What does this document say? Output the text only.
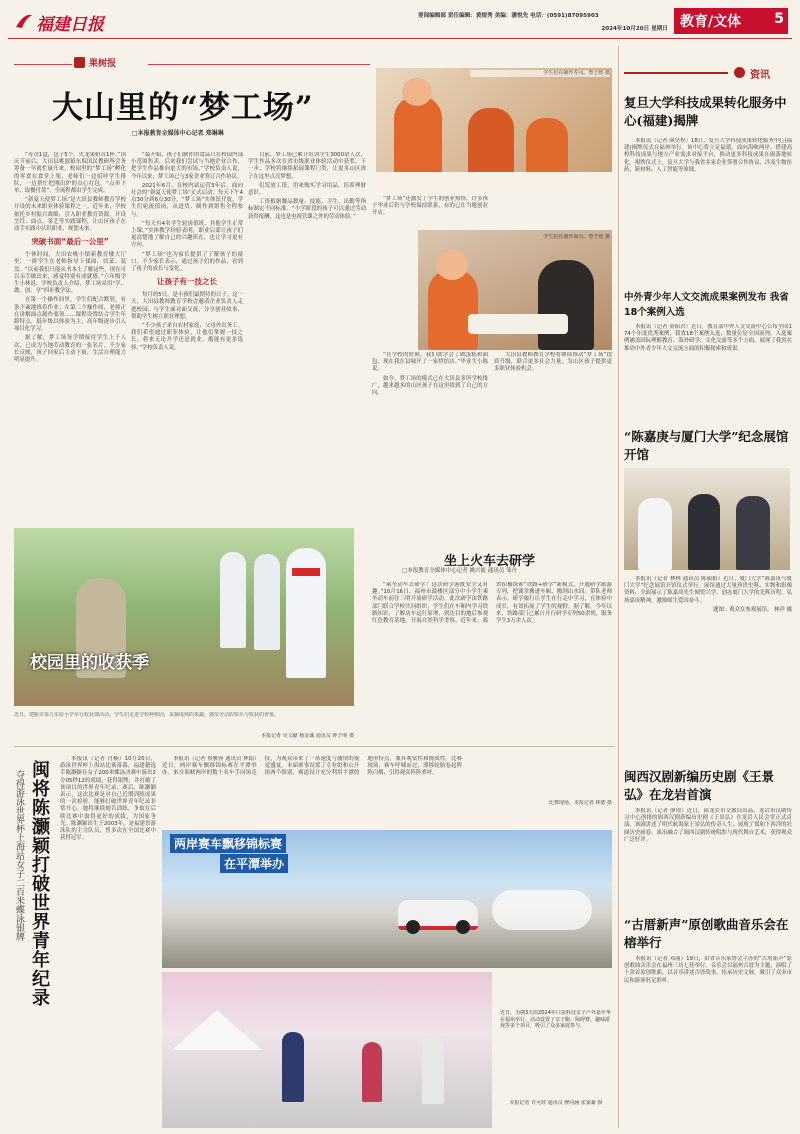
福建日报	要闻编辑部 责任编辑：黄煜秀 美编：潘悦先 电话：(0591)87095903
2024年10月20日 星期日 教育/文体 5
果树报
大山里的“梦工场”
□本报教育全媒体中心记者 郑琳琳

“寿司1盒，包子5个，火龙果奶昔1杯。”国庆节前后，大田县桃源镇东坂国民教研所会务筹备一早就忙碌开来，校园里的“梦工场”孵化的零食在食堂上架，老师们一边招呼学生排队，一边帮忙把刚出炉的点心打包。“点单下单、取餐付款”，全流程都由学生完成。

“新夏天使梦工场”是大田县教师教育学校开设的未来职业体验课程之一。近年来，学校依托乡村振兴战略，引入职业教育资源，开设烹饪、面点、茶艺等实践课程，让山区孩子在动手实践中认识职业、规划未来。

突破书面“最后一公里”

午休时间，大田农桃小镇新教育楼大厅里，一群学生在老师指导下揉面、切菜、装盘。“以前我们只能从书本上了解这些，现在可以亲手做出来，感觉特别有成就感。”六年级学生小林说。学校负责人介绍，梦工场采用“学、做、创、享”四步教学法。

在第一个操作间里，学生们配合默契，有条不紊地推着作业；在第二个操作间，老师正在讲解面点制作要领……课程设置结合学生年龄特点，低年级以体验为主，高年级逐步引入项目化学习。

据了解，梦工场每学期接待学生上千人次，已成为当地劳动教育的一张名片。不少家长反映，孩子回家后主动下厨，生活自理能力明显提升。

“最开始，孩子们制作的食品只在校园内部小范围售卖，后来我们尝试与当地企业合作，把学生作品推向更大的市场。”学校负责人说，今年以来，梦工场已与3家企业签订合作协议。

2021年6月，在校内试运营3年后，面向社会的“新夏天使梦工场”正式启动。每天下午4点30分到6点30分，“梦工场”实体馆开放，学生们轮流值岗，从进货、制作到销售全程参与。

“每天有4名学生轮岗值班，其他学生正常上课。”实体教学经验表明，职业启蒙让孩子们更清楚地了解自己的兴趣所在，也让学习更有方向。

“梦工场”也为家长提供了了解孩子的窗口。不少家长表示，通过孩子们的作品，看到了孩子的成长与变化。

让孩子有一技之长

每月的5日，是小孩们最期待的日子。这一天，大田县教师教育学校会邀请企业负责人走进校园，与学生面对面交流，分享创业故事，帮助学生树立职业理想。

“不少孩子来自农村家庭，父母外出务工。我们希望通过职业体验，让他们掌握一技之长，将来无论升学还是就业，都能有更多选择。”学校负责人说。

目前，梦工场已累计培训学生3000余人次，学生作品多次在省市级职业体验活动中获奖。下一步，学校将继续拓展课程门类，让更多山区孩子在这里点亮梦想。

们发放工资，用来购买学习用品，培养理财意识。

工资根据餐品数量、技能、卫生、出勤等指标制定不同标准。“小学阶段的孩子可以通过劳动获得报酬，这也是电视管课之外的劳动体验。”

学生们在制作寿司。曾子欣 摄
学生们在制作面点。曾子欣 摄

“梦工场”还激发了学生的创业热情，许多孩子毕业后仍与学校保持联系，有的已在当地创业开店。

“在学校的时候，我们就学会了做蛋糕和面包，现在我在县城开了一家烘焙店。”毕业生小陈说。

如今，梦工场的模式已在大田县多所学校推广，越来越多的山区孩子在这里找到了自己的方向。

大田县教师教育学校将继续推动“梦工场”提质升级，联合更多社会力量，为山区孩子提供更多职业体验机会。

校园里的收获季
近日，建瓯市第五实验小学举行收获课活动。学生们走进学校种植园，采摘成熟的果蔬，感受劳动的快乐与收获的喜悦。
本报记者 吴文献 杨金诚 通讯员 钟子明 摄
坐上火车去研学
□本报教育全媒体中心记者 姚兴能 通讯员 邹丹

“乘坐动车去研学！这次研学游既安全又有趣。”10月16日，福州市鼓楼区部分中小学生乘坐动车前往三明开展研学活动。此次研学由铁路部门联合学校共同组织，学生们在车厢内学习铁路知识，了解动车运行原理，到达目的地后参观红色教育基地、开展自然科学考察。近年来，我省积极探索“铁路+研学”新模式，开通研学旅游专列，把课堂搬进车厢、搬到山水间。带队老师表示，研学旅行让学生在行走中学习，在体验中成长，有效拓展了学生的视野。据了解，今年以来，铁路部门已累计开行研学专列50余列，服务学生3万余人次。

闽将陈灏颖打破世界青年纪录
夺得游泳世界杯上海站女子二百米蝶泳银牌

本报讯（记者 肖楠）10月20日，游泳世界杯上海站比赛落幕，福建籍选手陈灏颖在女子200米蝶泳决赛中游出2分05秒12的成绩，获得银牌，并打破了该项目的世界青年纪录。赛后，陈灏颖表示，这次比赛是对自己近期训练成果的一次检验，能够打破世界青年纪录非常开心。她将继续刻苦训练，争取在后续比赛中取得更好的成绩，为国家争光。陈灏颖出生于2003年，是福建省游泳队的主力队员，曾多次在全国比赛中获得冠军。

本报讯（记者 蔡雅蓉 通讯员 林娟）近日，两岸赛车飘移锦标赛在平潭举办。来自海峡两岸的数十名车手同场竞技，为观众带来了一场速度与激情的视觉盛宴。本届赛事设置了专业组和公开组两个组别，赛道设计充分利用平潭的地形特点，兼具观赏性和挑战性。比赛现场，赛车呼啸而过，漂移轮胎卷起阵阵白烟，引得观众阵阵欢呼。

比赛现场。本报记者 林德 摄
两岸赛车飘移锦标赛
在平潭举办
近日，为期3天的2024年口袋科技亲子户外嘉年华在福州举行。活动设置了亲子跑、障碍赛、趣味游戏等多个项目，吸引了众多家庭参与。
本报记者 许可欣 通讯员 廖向涵 张家豪 摄
资讯
复旦大学科技成果转化服务中心(福建)揭牌

本报讯（记者 颜昊程）18日，复旦大学科技成果转化服务中心(福建)揭牌仪式在福州举行。该中心将立足福建，面向海峡两岸，搭建高校科技成果与地方产业需求对接平台，推动更多科技成果在闽落地转化。揭牌仪式上，复旦大学与我省多家企业签署合作协议，涉及生物医药、新材料、人工智能等领域。

中外青少年人文交流成果案例发布 我省18个案例入选

本报讯（记者 黄昭君）近日，教育部中外人文交流中心公布全国174个年度优秀案例，我省18个案例入选，数量位居全国前列。入选案例涵盖国际理解教育、海外研学、文化交流等多个方面，展现了我省在推动中外青少年人文交流方面的积极探索和成果。

“陈嘉庚与厦门大学”纪念展馆开馆

本报讯（记者 林林 通讯员 陈丽娟）近日，厦门大学“陈嘉庚与厦门大学”纪念展馆开馆仪式举行。展馆通过大量珍贵史料、实物和影像资料，全面展示了陈嘉庚先生倾资兴学、创办厦门大学的光辉历程，弘扬嘉庚精神，激励师生爱国奋斗。

题图：观众在参观展馆。 林祥 摄

闽西汉剧新编历史剧《王景弘》在龙岩首演

本报讯（记者 廖琼）近日，由龙岩市文旅局出品、龙岩市汉剧传习中心创排的闽西汉剧新编历史剧《王景弘》在龙岩人民会堂正式首演。该剧讲述了明代航海家王景弘的传奇人生，展现了郑和下西洋的壮阔历史画卷。演出融合了闽西汉剧传统唱腔与现代舞台艺术，获得观众广泛好评。

“古厝新声”原创歌曲音乐会在榕举行

本报讯（记者 邓丽）19日，由省音乐家协会主办的“古厝新声”原创歌曲音乐会在福州三坊七巷举行。音乐会以福州古厝为主题，演唱了十余首原创歌曲，以音乐讲述古厝故事，传承历史文脉，吸引了众多市民和游客驻足聆听。
